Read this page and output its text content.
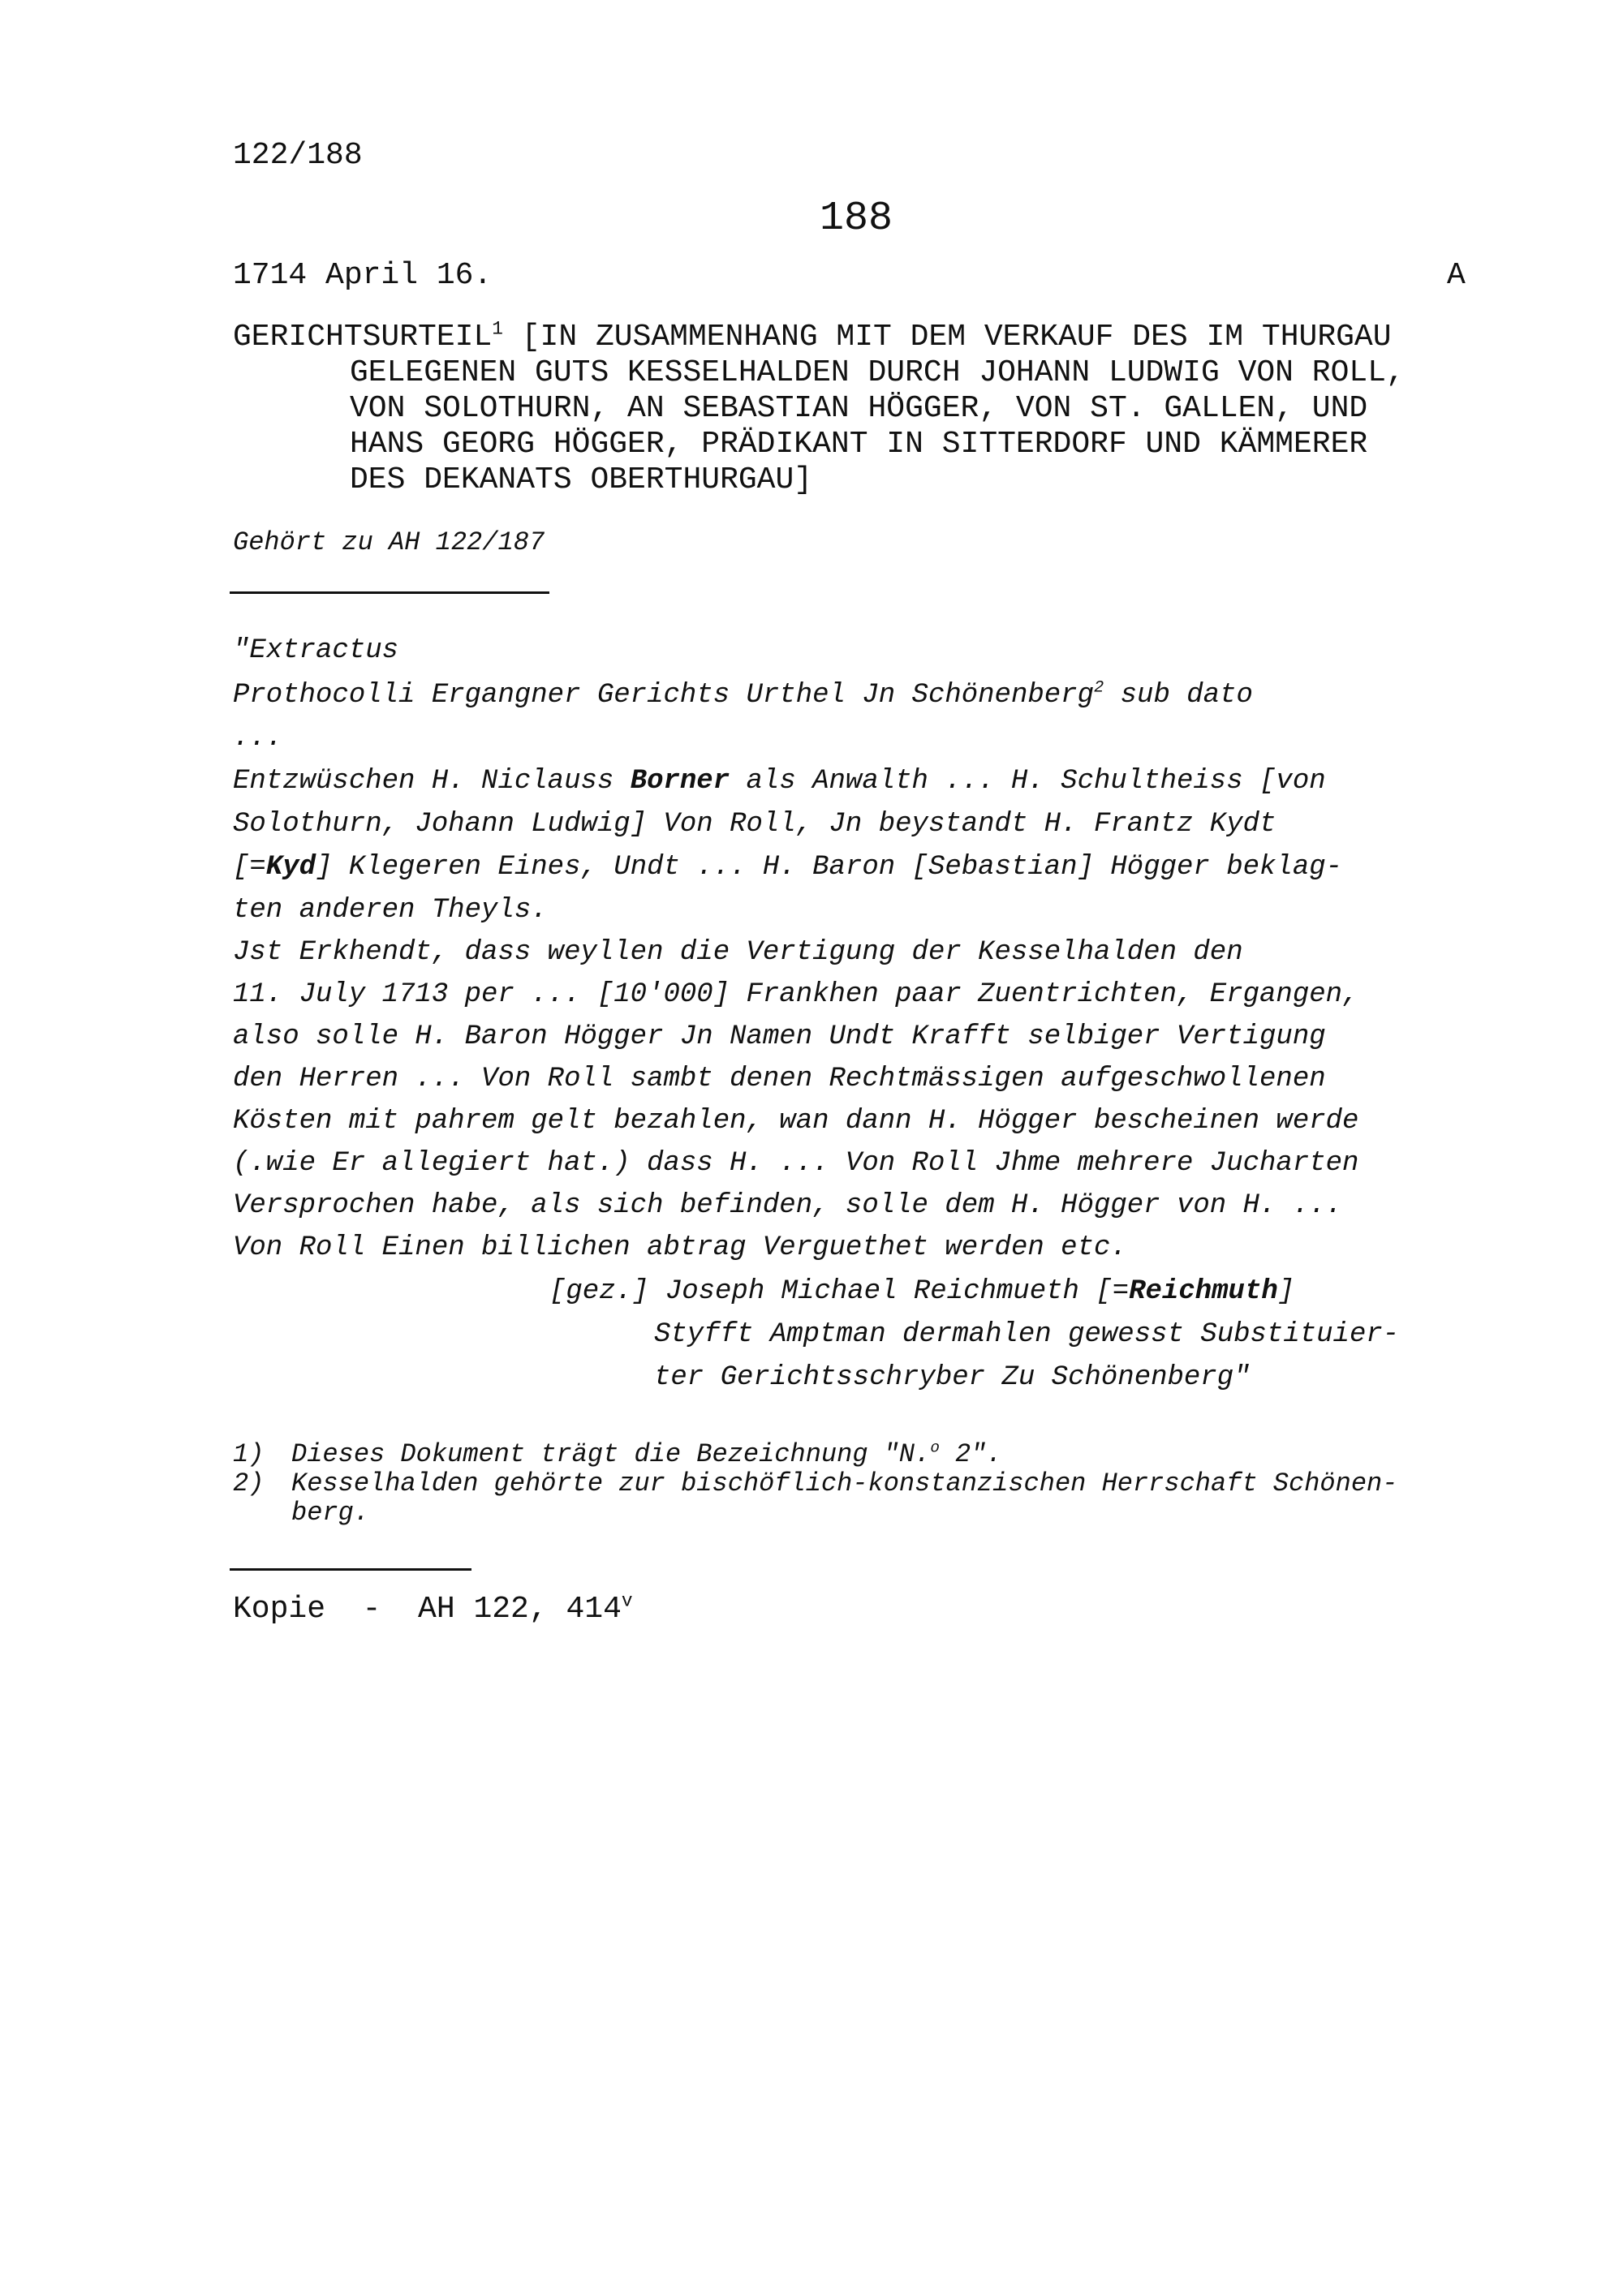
122/188
188
1714 April 16.	A
GERICHTSURTEIL$^1$ [IN ZUSAMMENHANG MIT DEM VERKAUF DES IM THURGAU
GELEGENEN GUTS KESSELHALDEN DURCH JOHANN LUDWIG VON ROLL,
VON SOLOTHURN, AN SEBASTIAN HÖGGER, VON ST. GALLEN, UND
HANS GEORG HÖGGER, PRÄDIKANT IN SITTERDORF UND KÄMMERER
DES DEKANATS OBERTHURGAU]
Gehört zu AH 122/187
"Extractus
Prothocolli Ergangner Gerichts Urthel Jn Schönenberg$^2$ sub dato
...
Entzwüschen H. Niclauss Borner als Anwalth ... H. Schultheiss [von
Solothurn, Johann Ludwig] Von Roll, Jn beystandt H. Frantz Kydt
[=Kyd] Klegeren Eines, Undt ... H. Baron [Sebastian] Högger beklag-
ten anderen Theyls.
Jst Erkhendt, dass weyllen die Vertigung der Kesselhalden den
11. July 1713 per ... [10'000] Frankhen paar Zuentrichten, Ergangen,
also solle H. Baron Högger Jn Namen Undt Krafft selbiger Vertigung
den Herren ... Von Roll sambt denen Rechtmässigen aufgeschwollenen
Kösten mit pahrem gelt bezahlen, wan dann H. Högger bescheinen werde
(.wie Er allegiert hat.) dass H. ... Von Roll Jhme mehrere Jucharten
Versprochen habe, als sich befinden, solle dem H. Högger von H. ...
Von Roll Einen billichen abtrag Verguethet werden etc.
[gez.] Joseph Michael Reichmueth [=Reichmuth]
Styfft Amptman dermahlen gewesst Substituier-
ter Gerichtsschryber Zu Schönenberg"
1) Dieses Dokument trägt die Bezeichnung "N.$^o$ 2".
2) Kesselhalden gehörte zur bischöflich-konstanzischen Herrschaft Schönen-
berg.
Kopie  -  AH 122, 414$^v$
